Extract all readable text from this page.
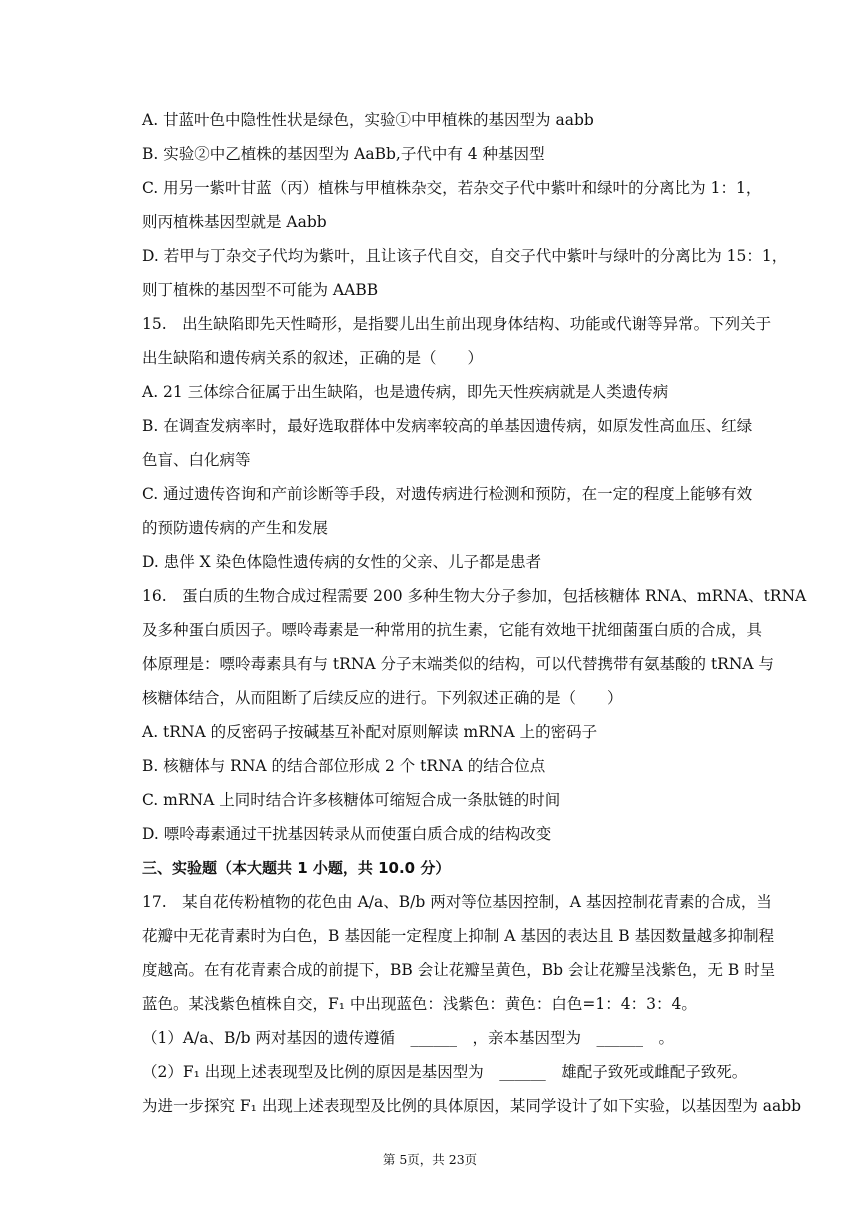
A. 甘蓝叶色中隐性性状是绿色，实验①中甲植株的基因型为 aabb
B. 实验②中乙植株的基因型为 AaBb,子代中有 4 种基因型
C. 用另一紫叶甘蓝（丙）植株与甲植株杂交，若杂交子代中紫叶和绿叶的分离比为 1：1，
则丙植株基因型就是 Aabb
D. 若甲与丁杂交子代均为紫叶，且让该子代自交，自交子代中紫叶与绿叶的分离比为 15：1，
则丁植株的基因型不可能为 AABB
15.　出生缺陷即先天性畸形，是指婴儿出生前出现身体结构、功能或代谢等异常。下列关于
出生缺陷和遗传病关系的叙述，正确的是（　　）
A. 21 三体综合征属于出生缺陷，也是遗传病，即先天性疾病就是人类遗传病
B. 在调查发病率时，最好选取群体中发病率较高的单基因遗传病，如原发性高血压、红绿
色盲、白化病等
C. 通过遗传咨询和产前诊断等手段，对遗传病进行检测和预防，在一定的程度上能够有效
的预防遗传病的产生和发展
D. 患伴 X 染色体隐性遗传病的女性的父亲、儿子都是患者
16.　蛋白质的生物合成过程需要 200 多种生物大分子参加，包括核糖体 RNA、mRNA、tRNA
及多种蛋白质因子。嘌呤毒素是一种常用的抗生素，它能有效地干扰细菌蛋白质的合成，具
体原理是：嘌呤毒素具有与 tRNA 分子末端类似的结构，可以代替携带有氨基酸的 tRNA 与
核糖体结合，从而阻断了后续反应的进行。下列叙述正确的是（　　）
A. tRNA 的反密码子按碱基互补配对原则解读 mRNA 上的密码子
B. 核糖体与 RNA 的结合部位形成 2 个 tRNA 的结合位点
C. mRNA 上同时结合许多核糖体可缩短合成一条肽链的时间
D. 嘌呤毒素通过干扰基因转录从而使蛋白质合成的结构改变
三、实验题（本大题共 1 小题，共 10.0 分）
17.　某自花传粉植物的花色由 A/a、B/b 两对等位基因控制，A 基因控制花青素的合成，当
花瓣中无花青素时为白色，B 基因能一定程度上抑制 A 基因的表达且 B 基因数量越多抑制程
度越高。在有花青素合成的前提下，BB 会让花瓣呈黄色，Bb 会让花瓣呈浅紫色，无 B 时呈
蓝色。某浅紫色植株自交，F₁ 中出现蓝色：浅紫色：黄色：白色=1：4：3：4。
（1）A/a、B/b 两对基因的遗传遵循　______　，亲本基因型为　______　。
（2）F₁ 出现上述表现型及比例的原因是基因型为　______　雄配子致死或雌配子致死。
为进一步探究 F₁ 出现上述表现型及比例的具体原因，某同学设计了如下实验，以基因型为 aabb
第 5页，共 23页
